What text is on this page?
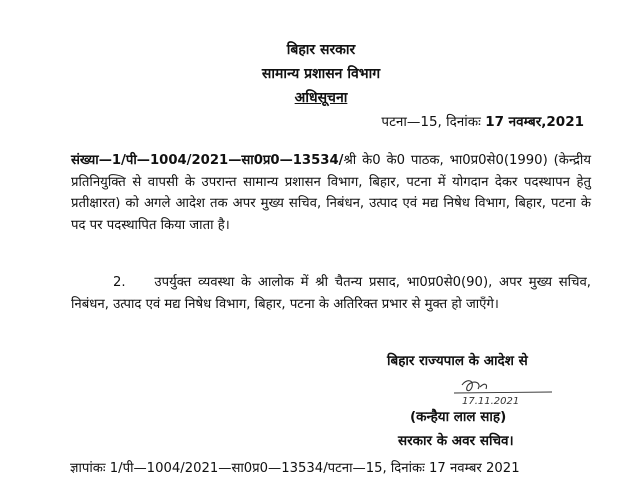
बिहार सरकार
सामान्य प्रशासन विभाग
अधिसूचना
पटना—15, दिनांकः 17 नवम्बर,2021
संख्या—1/पी—1004/2021—सा0प्र0—13534/श्री के0 के0 पाठक, भा0प्र0से0(1990) (केन्द्रीय प्रतिनियुक्ति से वापसी के उपरान्त सामान्य प्रशासन विभाग, बिहार, पटना में योगदान देकर पदस्थापन हेतु प्रतीक्षारत) को अगले आदेश तक अपर मुख्य सचिव, निबंधन, उत्पाद एवं मद्य निषेध विभाग, बिहार, पटना के पद पर पदस्थापित किया जाता है।
2. उपर्युक्त व्यवस्था के आलोक में श्री चैतन्य प्रसाद, भा0प्र0से0(90), अपर मुख्य सचिव, निबंधन, उत्पाद एवं मद्य निषेध विभाग, बिहार, पटना के अतिरिक्त प्रभार से मुक्त हो जाएँगे।
बिहार राज्यपाल के आदेश से
17.11.2021
(कन्हैया लाल साह)
सरकार के अवर सचिव।
ज्ञापांकः 1/पी—1004/2021—सा0प्र0—13534/पटना—15, दिनांकः 17 नवम्बर 2021
